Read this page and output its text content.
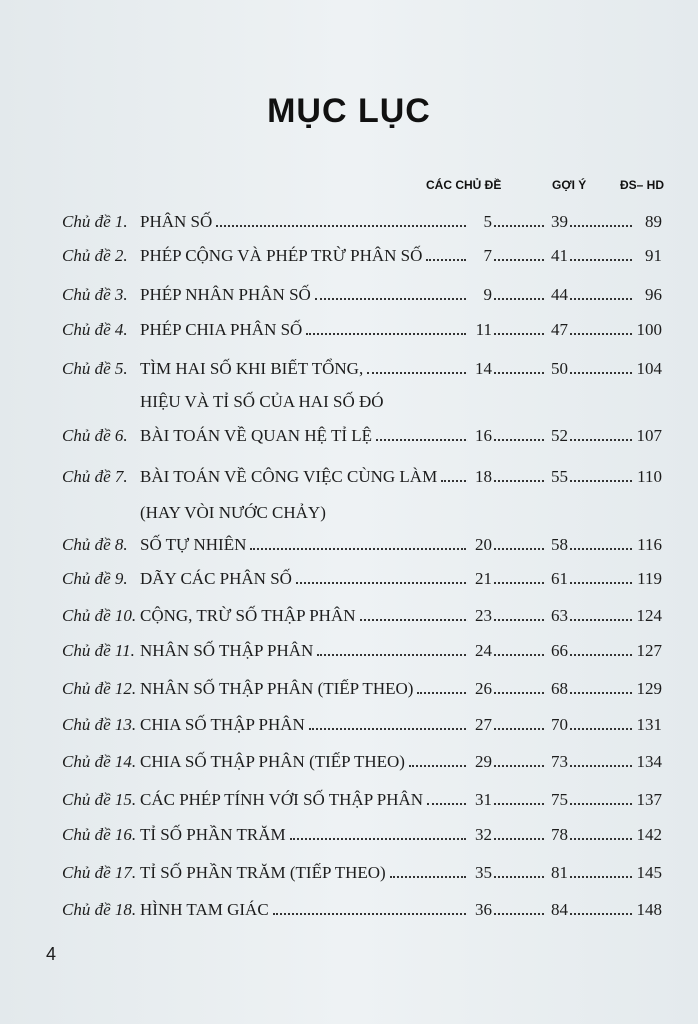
MỤC LỤC
CÁC CHỦ ĐỀ	GỢI Ý	ĐS– HD
Chủ đề 1. PHÂN SỐ	5	39	89
Chủ đề 2. PHÉP CỘNG VÀ PHÉP TRỪ PHÂN SỐ	7	41	91
Chủ đề 3. PHÉP NHÂN PHÂN SỐ	9	44	96
Chủ đề 4. PHÉP CHIA PHÂN SỐ	11	47	100
Chủ đề 5. TÌM HAI SỐ KHI BIẾT TỔNG,	14	50	104
HIỆU VÀ TỈ SỐ CỦA HAI SỐ ĐÓ
Chủ đề 6. BÀI TOÁN VỀ QUAN HỆ TỈ LỆ	16	52	107
Chủ đề 7. BÀI TOÁN VỀ CÔNG VIỆC CÙNG LÀM 18	55	110
(HAY VÒI NƯỚC CHẢY)
Chủ đề 8. SỐ TỰ NHIÊN	20	58	116
Chủ đề 9. DÃY CÁC PHÂN SỐ	21	61	119
Chủ đề 10. CỘNG, TRỪ SỐ THẬP PHÂN	23	63	124
Chủ đề 11. NHÂN SỐ THẬP PHÂN	24	66	127
Chủ đề 12. NHÂN SỐ THẬP PHÂN (TIẾP THEO)	26	68	129
Chủ đề 13. CHIA SỐ THẬP PHÂN	27	70	131
Chủ đề 14. CHIA SỐ THẬP PHÂN (TIẾP THEO)	29	73	134
Chủ đề 15. CÁC PHÉP TÍNH VỚI SỐ THẬP PHÂN	31	75	137
Chủ đề 16. TỈ SỐ PHẦN TRĂM	32	78	142
Chủ đề 17. TỈ SỐ PHẦN TRĂM (TIẾP THEO)	35	81	145
Chủ đề 18. HÌNH TAM GIÁC	36	84	148
4
